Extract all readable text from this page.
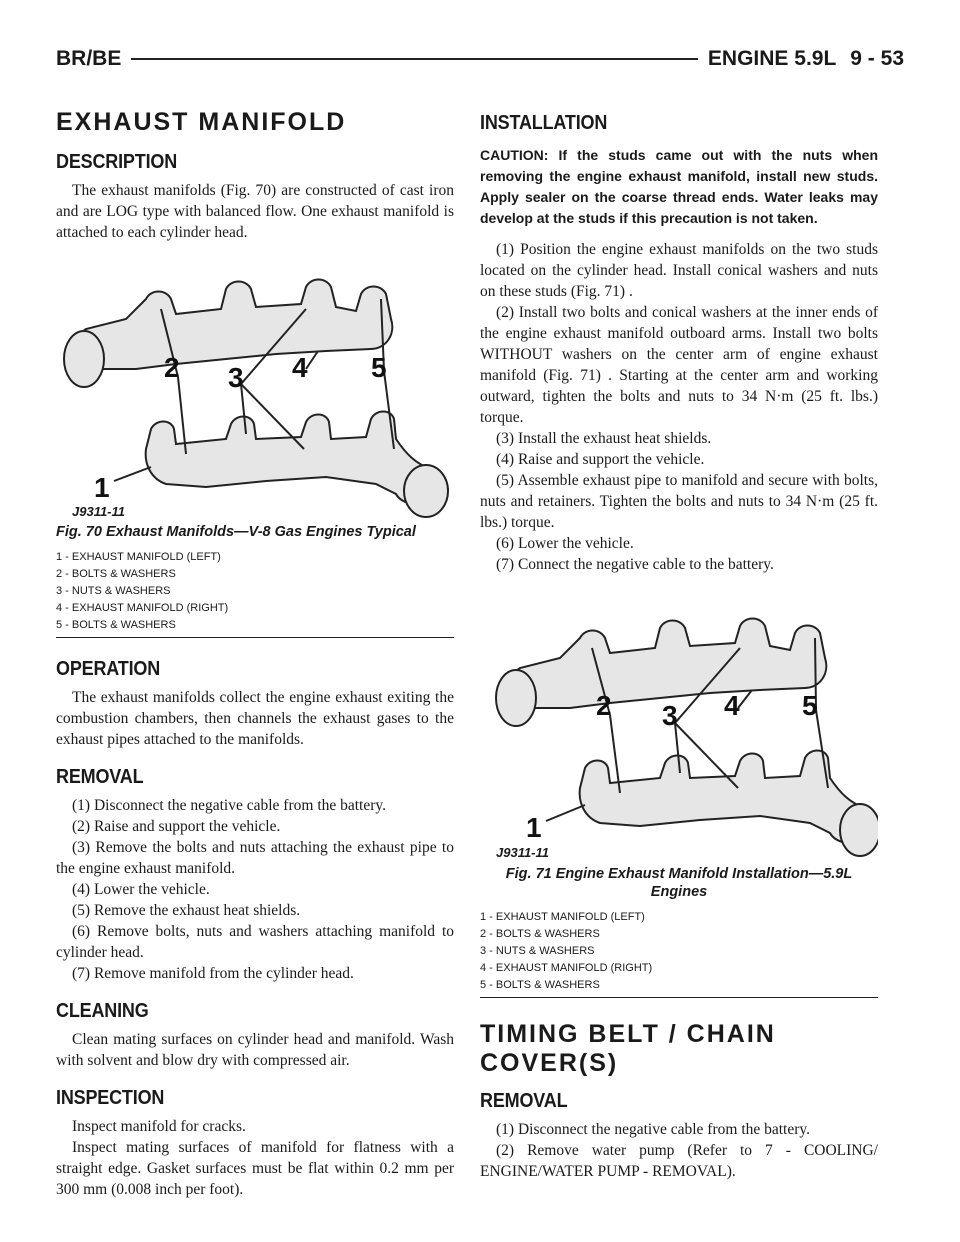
BR/BE	ENGINE 5.9L 9 - 53
EXHAUST MANIFOLD
DESCRIPTION

The exhaust manifolds (Fig. 70) are constructed of cast iron and are LOG type with balanced flow. One exhaust manifold is attached to each cylinder head.

1
2 3 4 5
J9311-11
Fig. 70 Exhaust Manifolds—V-8 Gas Engines Typical
1 - EXHAUST MANIFOLD (LEFT)
2 - BOLTS & WASHERS
3 - NUTS & WASHERS
4 - EXHAUST MANIFOLD (RIGHT)
5 - BOLTS & WASHERS
OPERATION

The exhaust manifolds collect the engine exhaust exiting the combustion chambers, then channels the exhaust gases to the exhaust pipes attached to the manifolds.

REMOVAL

(1) Disconnect the negative cable from the battery.

(2) Raise and support the vehicle.

(3) Remove the bolts and nuts attaching the exhaust pipe to the engine exhaust manifold.

(4) Lower the vehicle.

(5) Remove the exhaust heat shields.

(6) Remove bolts, nuts and washers attaching manifold to cylinder head.

(7) Remove manifold from the cylinder head.

CLEANING

Clean mating surfaces on cylinder head and manifold. Wash with solvent and blow dry with compressed air.

INSPECTION

Inspect manifold for cracks.

Inspect mating surfaces of manifold for flatness with a straight edge. Gasket surfaces must be flat within 0.2 mm per 300 mm (0.008 inch per foot).

INSTALLATION

CAUTION: If the studs came out with the nuts when removing the engine exhaust manifold, install new studs. Apply sealer on the coarse thread ends. Water leaks may develop at the studs if this precaution is not taken.

(1) Position the engine exhaust manifolds on the two studs located on the cylinder head. Install conical washers and nuts on these studs (Fig. 71) .

(2) Install two bolts and conical washers at the inner ends of the engine exhaust manifold outboard arms. Install two bolts WITHOUT washers on the center arm of engine exhaust manifold (Fig. 71) . Starting at the center arm and working outward, tighten the bolts and nuts to 34 N·m (25 ft. lbs.) torque.

(3) Install the exhaust heat shields.

(4) Raise and support the vehicle.

(5) Assemble exhaust pipe to manifold and secure with bolts, nuts and retainers. Tighten the bolts and nuts to 34 N·m (25 ft. lbs.) torque.

(6) Lower the vehicle.

(7) Connect the negative cable to the battery.

1
2 3 4 5
J9311-11
Fig. 71 Engine Exhaust Manifold Installation—5.9L Engines
1 - EXHAUST MANIFOLD (LEFT)
2 - BOLTS & WASHERS
3 - NUTS & WASHERS
4 - EXHAUST MANIFOLD (RIGHT)
5 - BOLTS & WASHERS
TIMING BELT / CHAIN COVER(S)
REMOVAL

(1) Disconnect the negative cable from the battery.

(2) Remove water pump (Refer to 7 - COOLING/ ENGINE/WATER PUMP - REMOVAL).
